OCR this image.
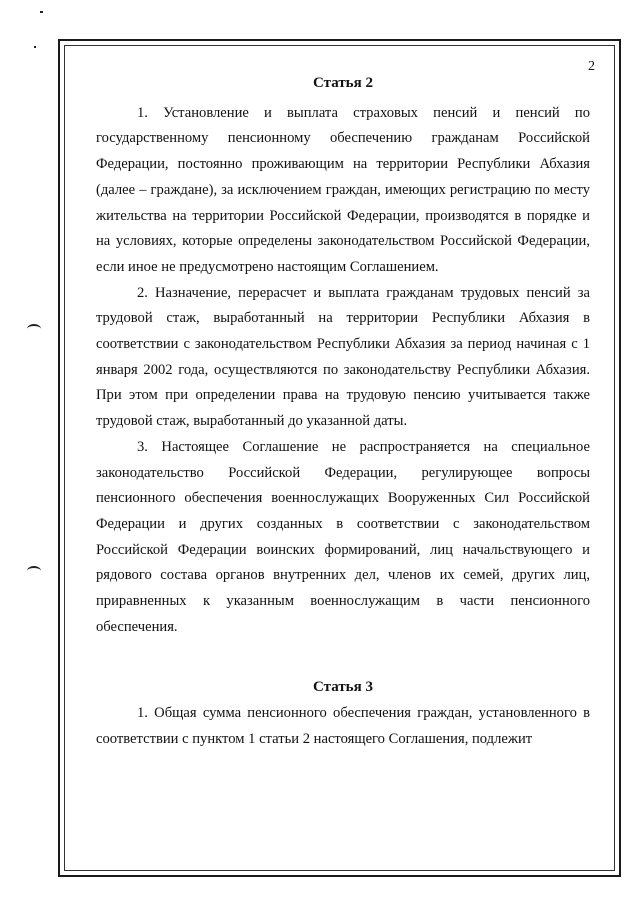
2
Статья 2

1. Установление и выплата страховых пенсий и пенсий по государственному пенсионному обеспечению гражданам Российской Федерации, постоянно проживающим на территории Республики Абхазия (далее – граждане), за исключением граждан, имеющих регистрацию по месту жительства на территории Российской Федерации, производятся в порядке и на условиях, которые определены законодательством Российской Федерации, если иное не предусмотрено настоящим Соглашением.

2. Назначение, перерасчет и выплата гражданам трудовых пенсий за трудовой стаж, выработанный на территории Республики Абхазия в соответствии с законодательством Республики Абхазия за период начиная с 1 января 2002 года, осуществляются по законодательству Республики Абхазия. При этом при определении права на трудовую пенсию учитывается также трудовой стаж, выработанный до указанной даты.

3. Настоящее Соглашение не распространяется на специальное законодательство Российской Федерации, регулирующее вопросы пенсионного обеспечения военнослужащих Вооруженных Сил Российской Федерации и других созданных в соответствии с законодательством Российской Федерации воинских формирований, лиц начальствующего и рядового состава органов внутренних дел, членов их семей, других лиц, приравненных к указанным военнослужащим в части пенсионного обеспечения.

Статья 3

1. Общая сумма пенсионного обеспечения граждан, установленного в соответствии с пунктом 1 статьи 2 настоящего Соглашения, подлежит
